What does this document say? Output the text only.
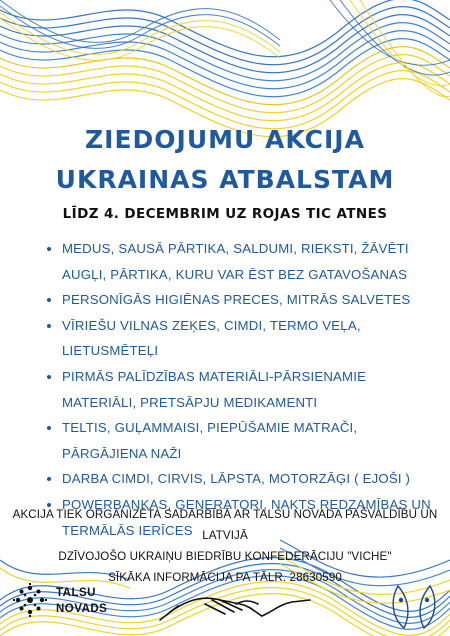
ZIEDOJUMU AKCIJA
UKRAINAS ATBALSTAM
LĪDZ 4. DECEMBRIM UZ ROJAS TIC ATNES
• MEDUS, SAUSĀ PĀRTIKA, SALDUMI, RIEKSTI, ŽĀVĒTI AUGĻI, PĀRTIKA, KURU VAR ĒST BEZ GATAVOŠANAS
• PERSONĪGĀS HIGIĒNAS PRECES, MITRĀS SALVETES
• VĪRIEŠU VILNAS ZEĶES, CIMDI, TERMO VEĻA, LIETUSMĒTEĻI
• PIRMĀS PALĪDZĪBAS MATERIĀLI-PĀRSIENAMIE MATERIĀLI, PRETSĀPJU MEDIKAMENTI
• TELTIS, GUĻAMMAISI, PIEPŪŠAMIE MATRAČI, PĀRGĀJIENA NAŽI
• DARBA CIMDI, CIRVIS, LĀPSTA, MOTORZĀĢI ( EJOŠI )
• POWERBANKAS, ĢENERATORI, NAKTS REDZAMĪBAS UN TERMĀLĀS IERĪCES
AKCIJA TIEK ORGANIZĒTA SADARBĪBĀ AR TALSU NOVADA PAŠVALDĪBU UN LATVIJĀ
DZĪVOJOŠO UKRAIŅU BIEDRĪBU KONFEDERĀCIJU "VICHE"
SĪKĀKA INFORMĀCIJA PA TĀLR. 28630590
TALSU
NOVADS
